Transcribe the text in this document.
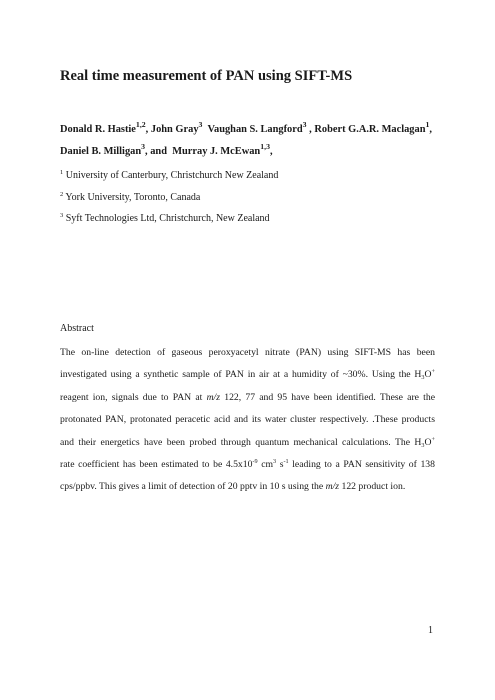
Real time measurement of PAN using SIFT-MS
Donald R. Hastie$^{1,2}$, John Gray$^3$ Vaughan S. Langford$^3$ , Robert G.A.R. Maclagan$^1$,
Daniel B. Milligan$^3$, and Murray J. McEwan$^{1,3}$,
$^1$ University of Canterbury, Christchurch New Zealand
$^2$ York University, Toronto, Canada
$^3$ Syft Technologies Ltd, Christchurch, New Zealand
Abstract
The on-line detection of gaseous peroxyacetyl nitrate (PAN) using SIFT-MS has been
investigated using a synthetic sample of PAN in air at a humidity of ~30%. Using the $H_3O^+$
reagent ion, signals due to PAN at m/z 122, 77 and 95 have been identified. These are the
protonated PAN, protonated peracetic acid and its water cluster respectively. .These products
and their energetics have been probed through quantum mechanical calculations. The $H_3O^+$
rate coefficient has been estimated to be $4.5x10^{-9}$ $cm^3$ $s^{-1}$ leading to a PAN sensitivity of 138
cps/ppbv. This gives a limit of detection of 20 pptv in 10 s using the m/z 122 product ion.
1
